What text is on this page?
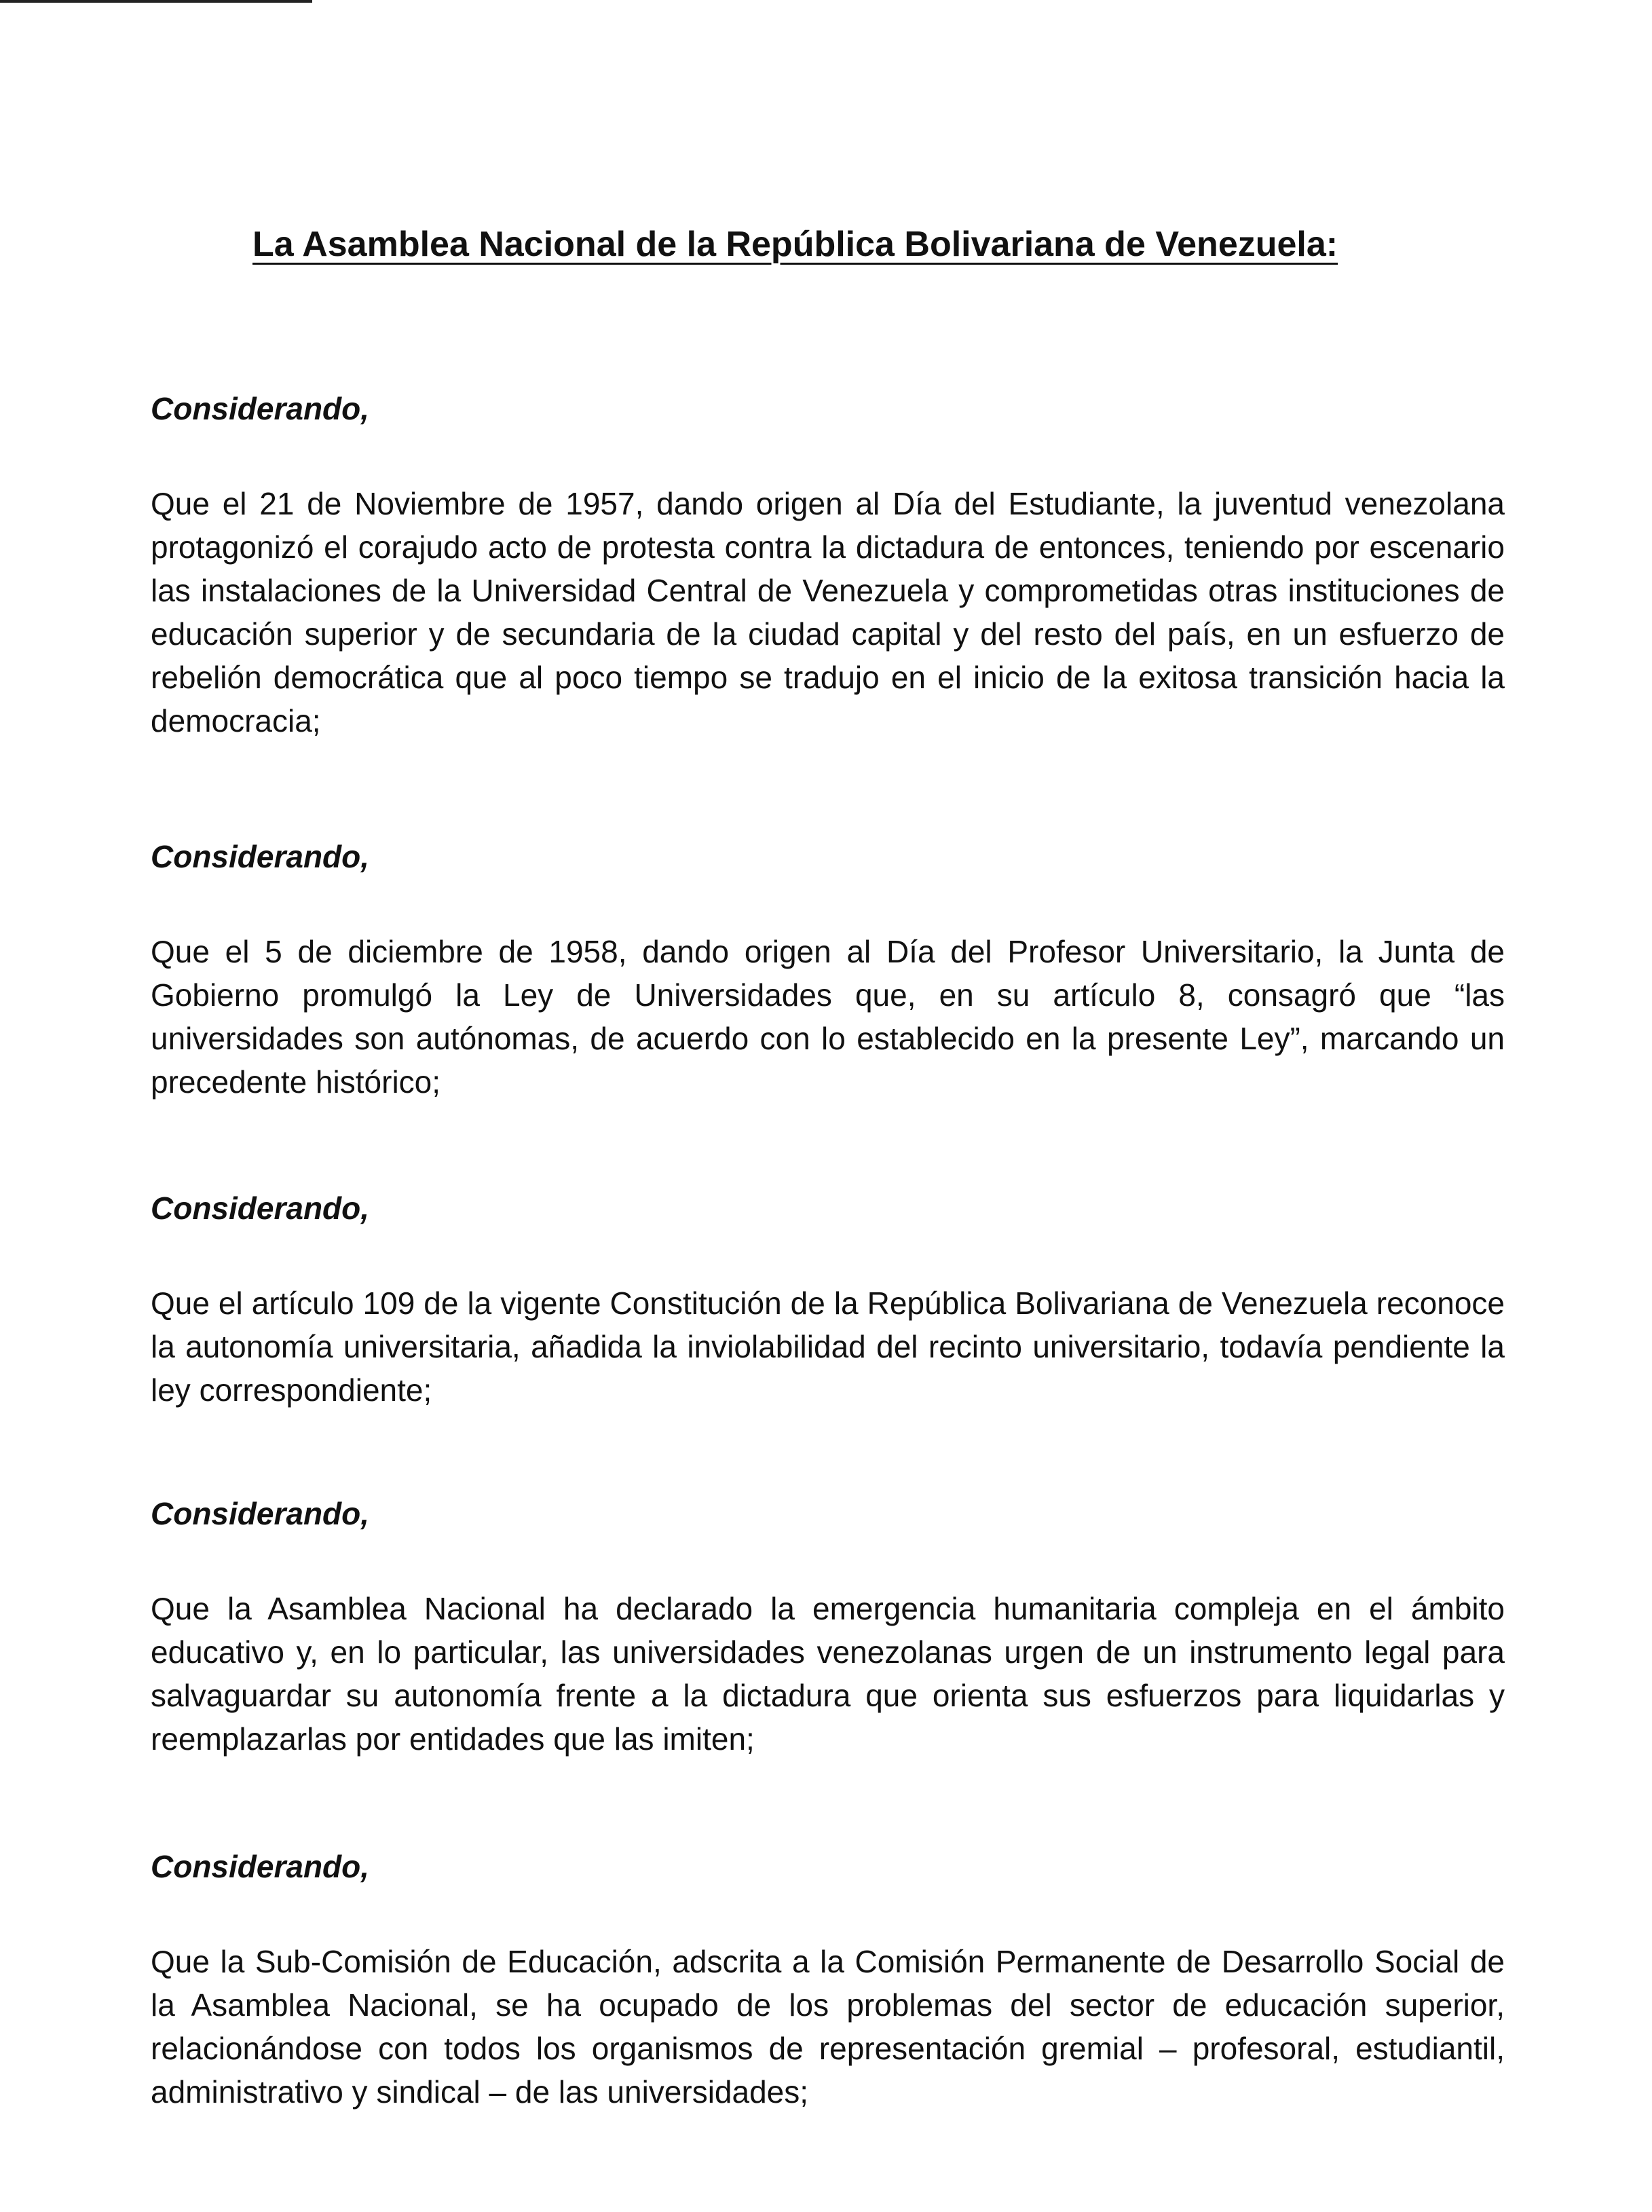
La Asamblea Nacional de la República Bolivariana de Venezuela:

Considerando,

Que el 21 de Noviembre de 1957, dando origen al Día del Estudiante, la juventud venezolana protagonizó el corajudo acto de protesta contra la dictadura de entonces, teniendo por escenario las instalaciones de la Universidad Central de Venezuela y comprometidas otras instituciones de educación superior y de secundaria de la ciudad capital y del resto del país, en un esfuerzo de rebelión democrática que al poco tiempo se tradujo en el inicio de la exitosa transición hacia la democracia;

Considerando,

Que el 5 de diciembre de 1958, dando origen al Día del Profesor Universitario, la Junta de Gobierno promulgó la Ley de Universidades que, en su artículo 8, consagró que “las universidades son autónomas, de acuerdo con lo establecido en la presente Ley”, marcando un precedente histórico;

Considerando,

Que el artículo 109 de la vigente Constitución de la República Bolivariana de Venezuela reconoce la autonomía universitaria, añadida la inviolabilidad del recinto universitario, todavía pendiente la ley correspondiente;

Considerando,

Que la Asamblea Nacional ha declarado la emergencia humanitaria compleja en el ámbito educativo y, en lo particular, las universidades venezolanas urgen de un instrumento legal para salvaguardar su autonomía frente a la dictadura que orienta sus esfuerzos para liquidarlas y reemplazarlas por entidades que las imiten;

Considerando,

Que la Sub-Comisión de Educación, adscrita a la Comisión Permanente de Desarrollo Social de la Asamblea Nacional, se ha ocupado de los problemas del sector de educación superior, relacionándose con todos los organismos de representación gremial – profesoral, estudiantil, administrativo y sindical – de las universidades;
